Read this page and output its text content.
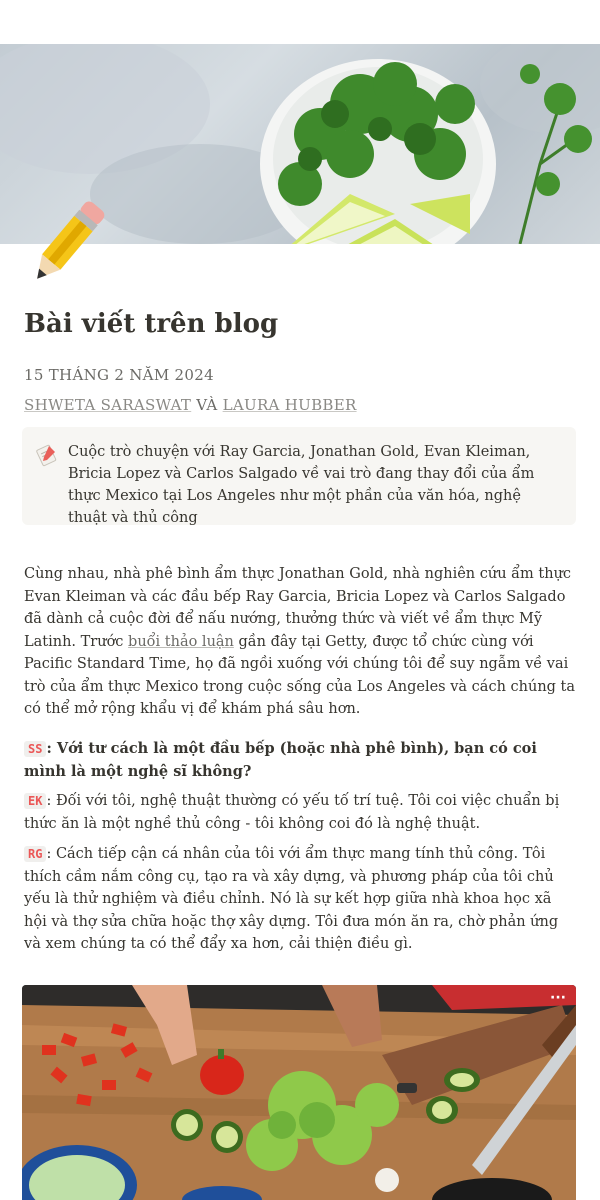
Bài viết trên blog
15 THÁNG 2 NĂM 2024
SHWETA SARASWAT VÀ LAURA HUBBER
Cuộc trò chuyện với Ray Garcia, Jonathan Gold, Evan Kleiman, Bricia Lopez và Carlos Salgado về vai trò đang thay đổi của ẩm thực Mexico tại Los Angeles như một phần của văn hóa, nghệ thuật và thủ công
Cùng nhau, nhà phê bình ẩm thực Jonathan Gold, nhà nghiên cứu ẩm thực Evan Kleiman và các đầu bếp Ray Garcia, Bricia Lopez và Carlos Salgado đã dành cả cuộc đời để nấu nướng, thưởng thức và viết về ẩm thực Mỹ Latinh. Trước buổi thảo luận gần đây tại Getty, được tổ chức cùng với Pacific Standard Time, họ đã ngồi xuống với chúng tôi để suy ngẫm về vai trò của ẩm thực Mexico trong cuộc sống của Los Angeles và cách chúng ta có thể mở rộng khẩu vị để khám phá sâu hơn.
SS : Với tư cách là một đầu bếp (hoặc nhà phê bình), bạn có coi mình là một nghệ sĩ không?
EK : Đối với tôi, nghệ thuật thường có yếu tố trí tuệ. Tôi coi việc chuẩn bị thức ăn là một nghề thủ công - tôi không coi đó là nghệ thuật.
RG : Cách tiếp cận cá nhân của tôi với ẩm thực mang tính thủ công. Tôi thích cầm nắm công cụ, tạo ra và xây dựng, và phương pháp của tôi chủ yếu là thử nghiệm và điều chỉnh. Nó là sự kết hợp giữa nhà khoa học xã hội và thợ sửa chữa hoặc thợ xây dựng. Tôi đưa món ăn ra, chờ phản ứng và xem chúng ta có thể đẩy xa hơn, cải thiện điều gì.
···
